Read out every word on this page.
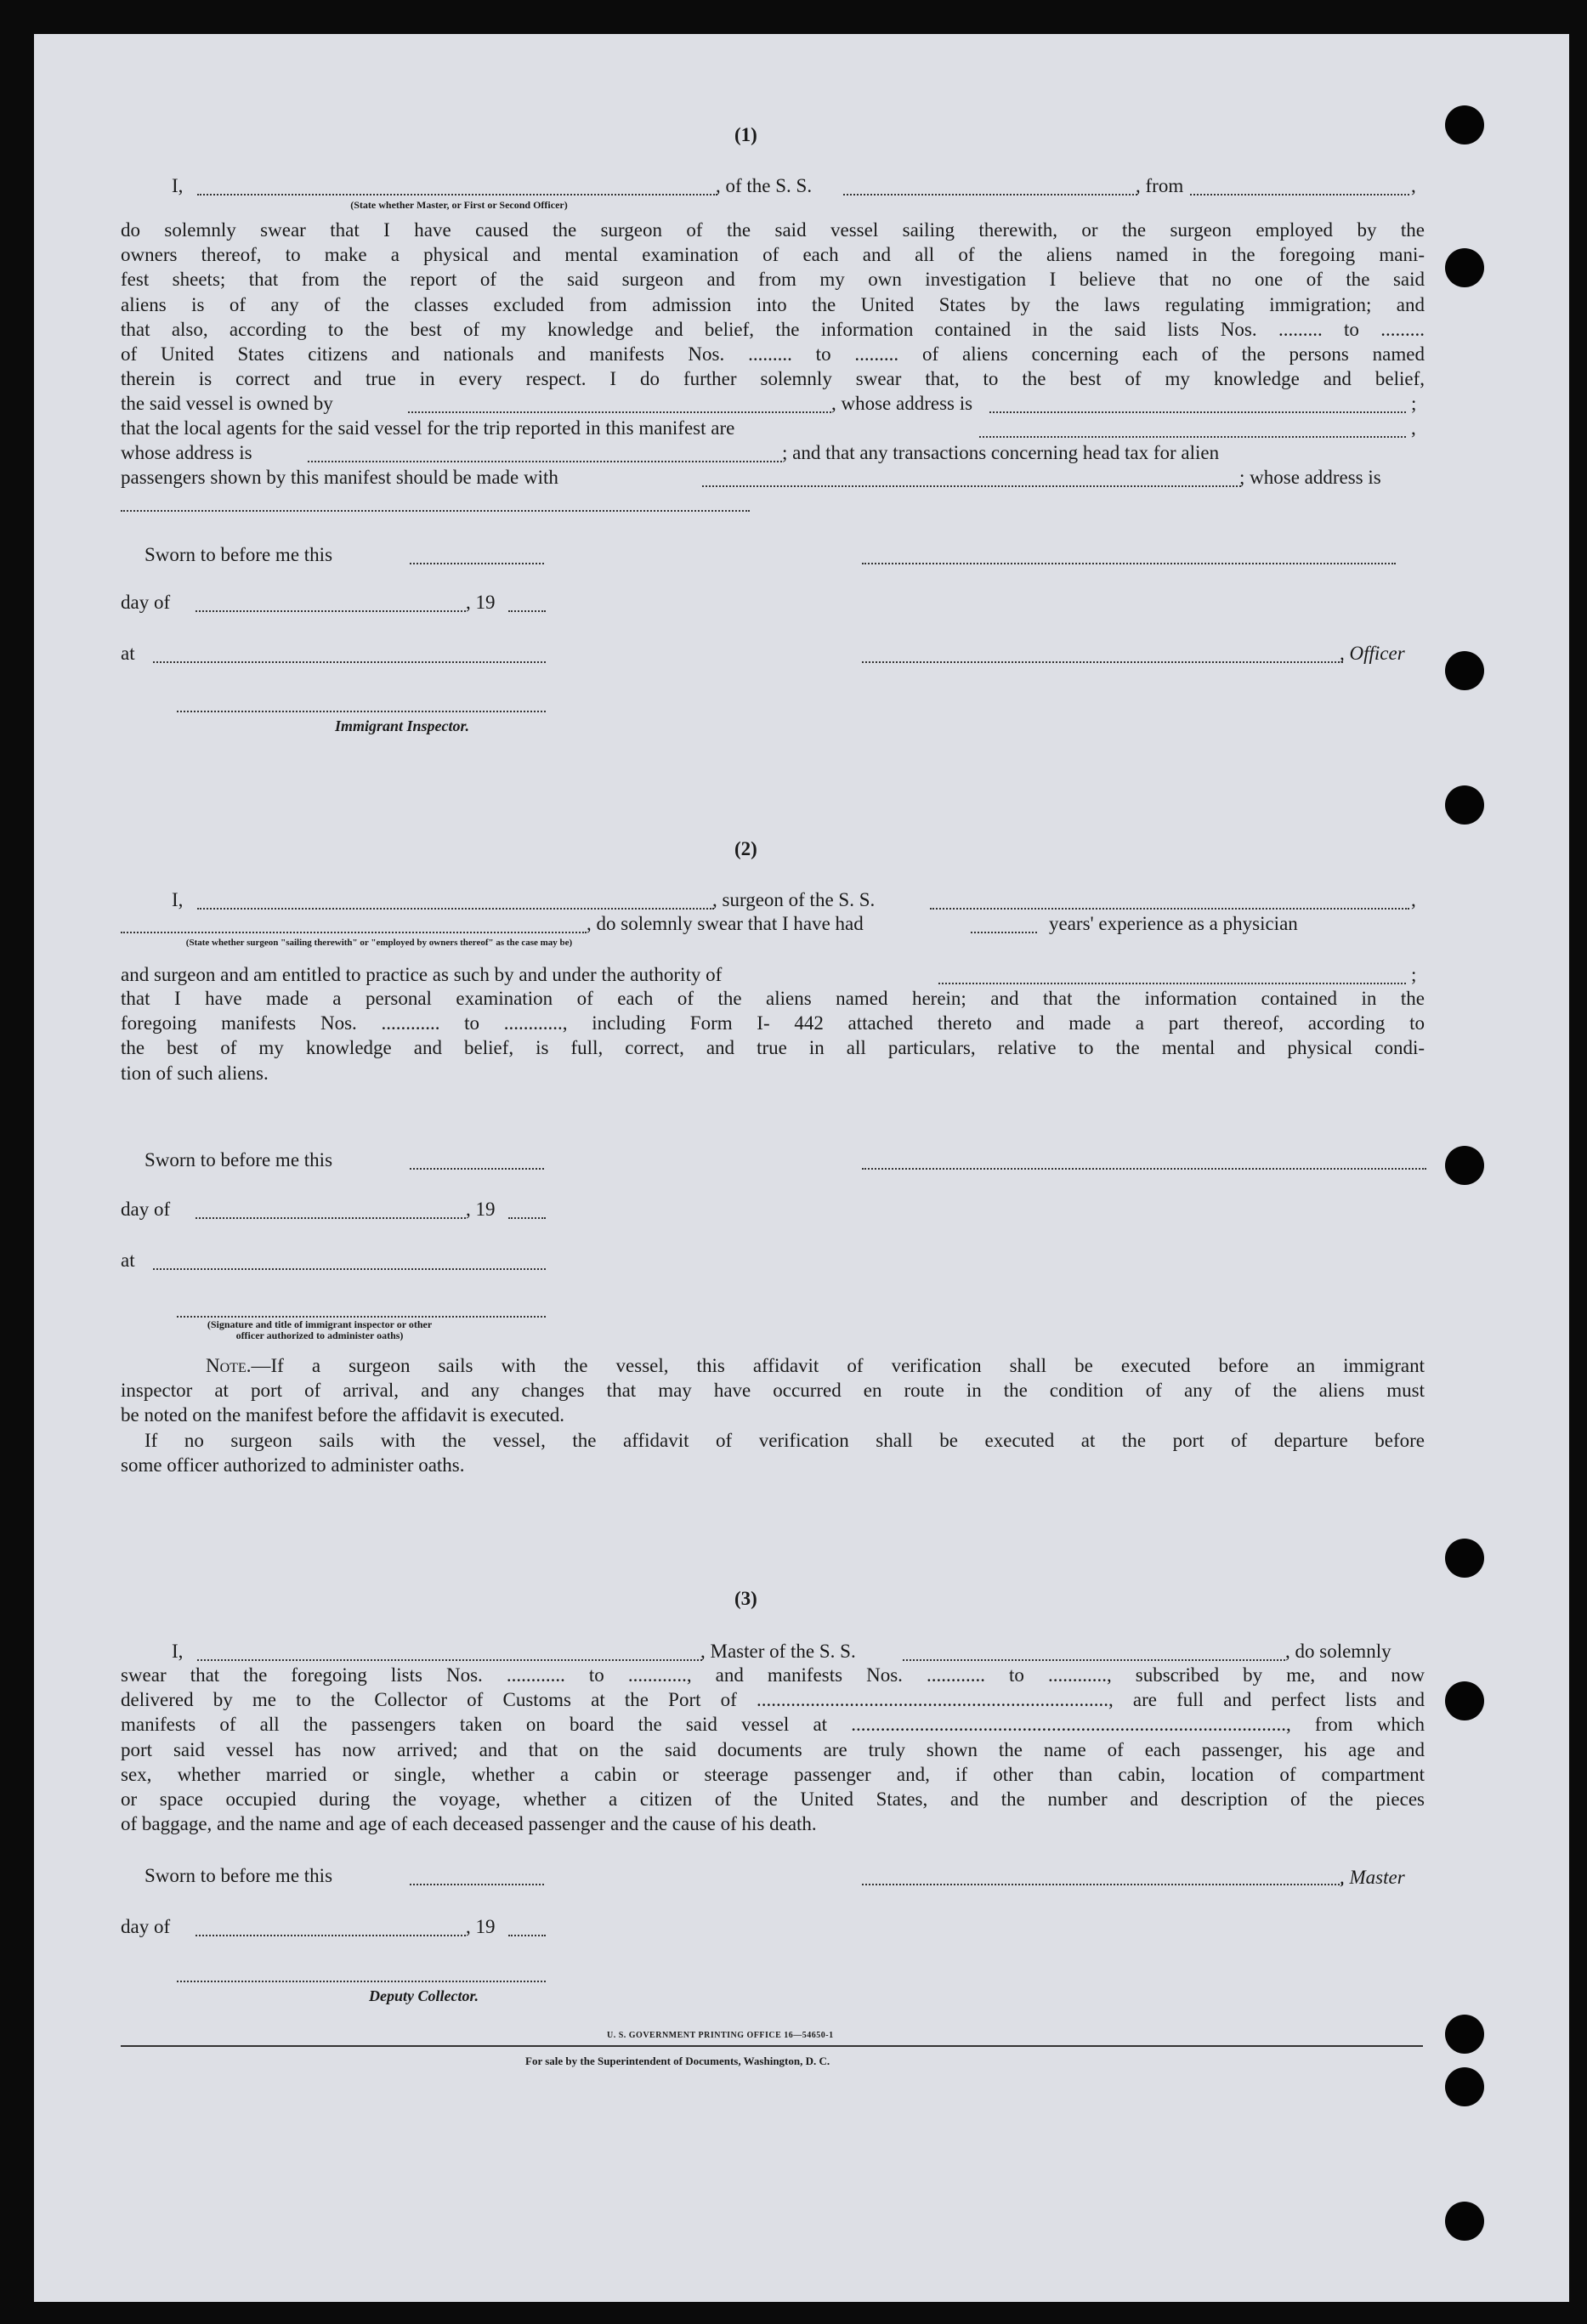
(1)
I,	, of the S. S.	, from	,
(State whether Master, or First or Second Officer)

do solemnly swear that I have caused the surgeon of the said vessel sailing therewith, or the surgeon employed by the

owners thereof, to make a physical and mental examination of each and all of the aliens named in the foregoing mani-

fest sheets; that from the report of the said surgeon and from my own investigation I believe that no one of the said

aliens is of any of the classes excluded from admission into the United States by the laws regulating immigration; and

that also, according to the best of my knowledge and belief, the information contained in the said lists Nos. ......... to .........

of United States citizens and nationals and manifests Nos. ......... to ......... of aliens concerning each of the persons named

therein is correct and true in every respect. I do further solemnly swear that, to the best of my knowledge and belief,

the said vessel is owned by	, whose address is	;
that the local agents for the said vessel for the trip reported in this manifest are	,
whose address is	; and that any transactions concerning head tax for alien
passengers shown by this manifest should be made with	; whose address is
Sworn to before me this
day of	, 19
at	, Officer
Immigrant Inspector.
(2)
I,	, surgeon of the S. S.	,
, do solemnly swear that I have had	years' experience as a physician
(State whether surgeon "sailing therewith" or "employed by owners thereof" as the case may be)
and surgeon and am entitled to practice as such by and under the authority of	;

that I have made a personal examination of each of the aliens named herein; and that the information contained in the

foregoing manifests Nos. ............ to ............, including Form I- 442 attached thereto and made a part thereof, according to

the best of my knowledge and belief, is full, correct, and true in all particulars, relative to the mental and physical condi-

tion of such aliens.

Sworn to before me this
day of	, 19
at
(Signature and title of immigrant inspector or other officer authorized to administer oaths)

Note.—If a surgeon sails with the vessel, this affidavit of verification shall be executed before an immigrant

inspector at port of arrival, and any changes that may have occurred en route in the condition of any of the aliens must

be noted on the manifest before the affidavit is executed.

If no surgeon sails with the vessel, the affidavit of verification shall be executed at the port of departure before

some officer authorized to administer oaths.

(3)
I,	, Master of the S. S.	, do solemnly

swear that the foregoing lists Nos. ............ to ............, and manifests Nos. ............ to ............, subscribed by me, and now

delivered by me to the Collector of Customs at the Port of ........................................................................, are full and perfect lists and

manifests of all the passengers taken on board the said vessel at ........................................................................................., from which

port said vessel has now arrived; and that on the said documents are truly shown the name of each passenger, his age and

sex, whether married or single, whether a cabin or steerage passenger and, if other than cabin, location of compartment

or space occupied during the voyage, whether a citizen of the United States, and the number and description of the pieces

of baggage, and the name and age of each deceased passenger and the cause of his death.

Sworn to before me this	, Master
day of	, 19
Deputy Collector.
U. S. GOVERNMENT PRINTING OFFICE 16—54650-1
For sale by the Superintendent of Documents, Washington, D. C.
